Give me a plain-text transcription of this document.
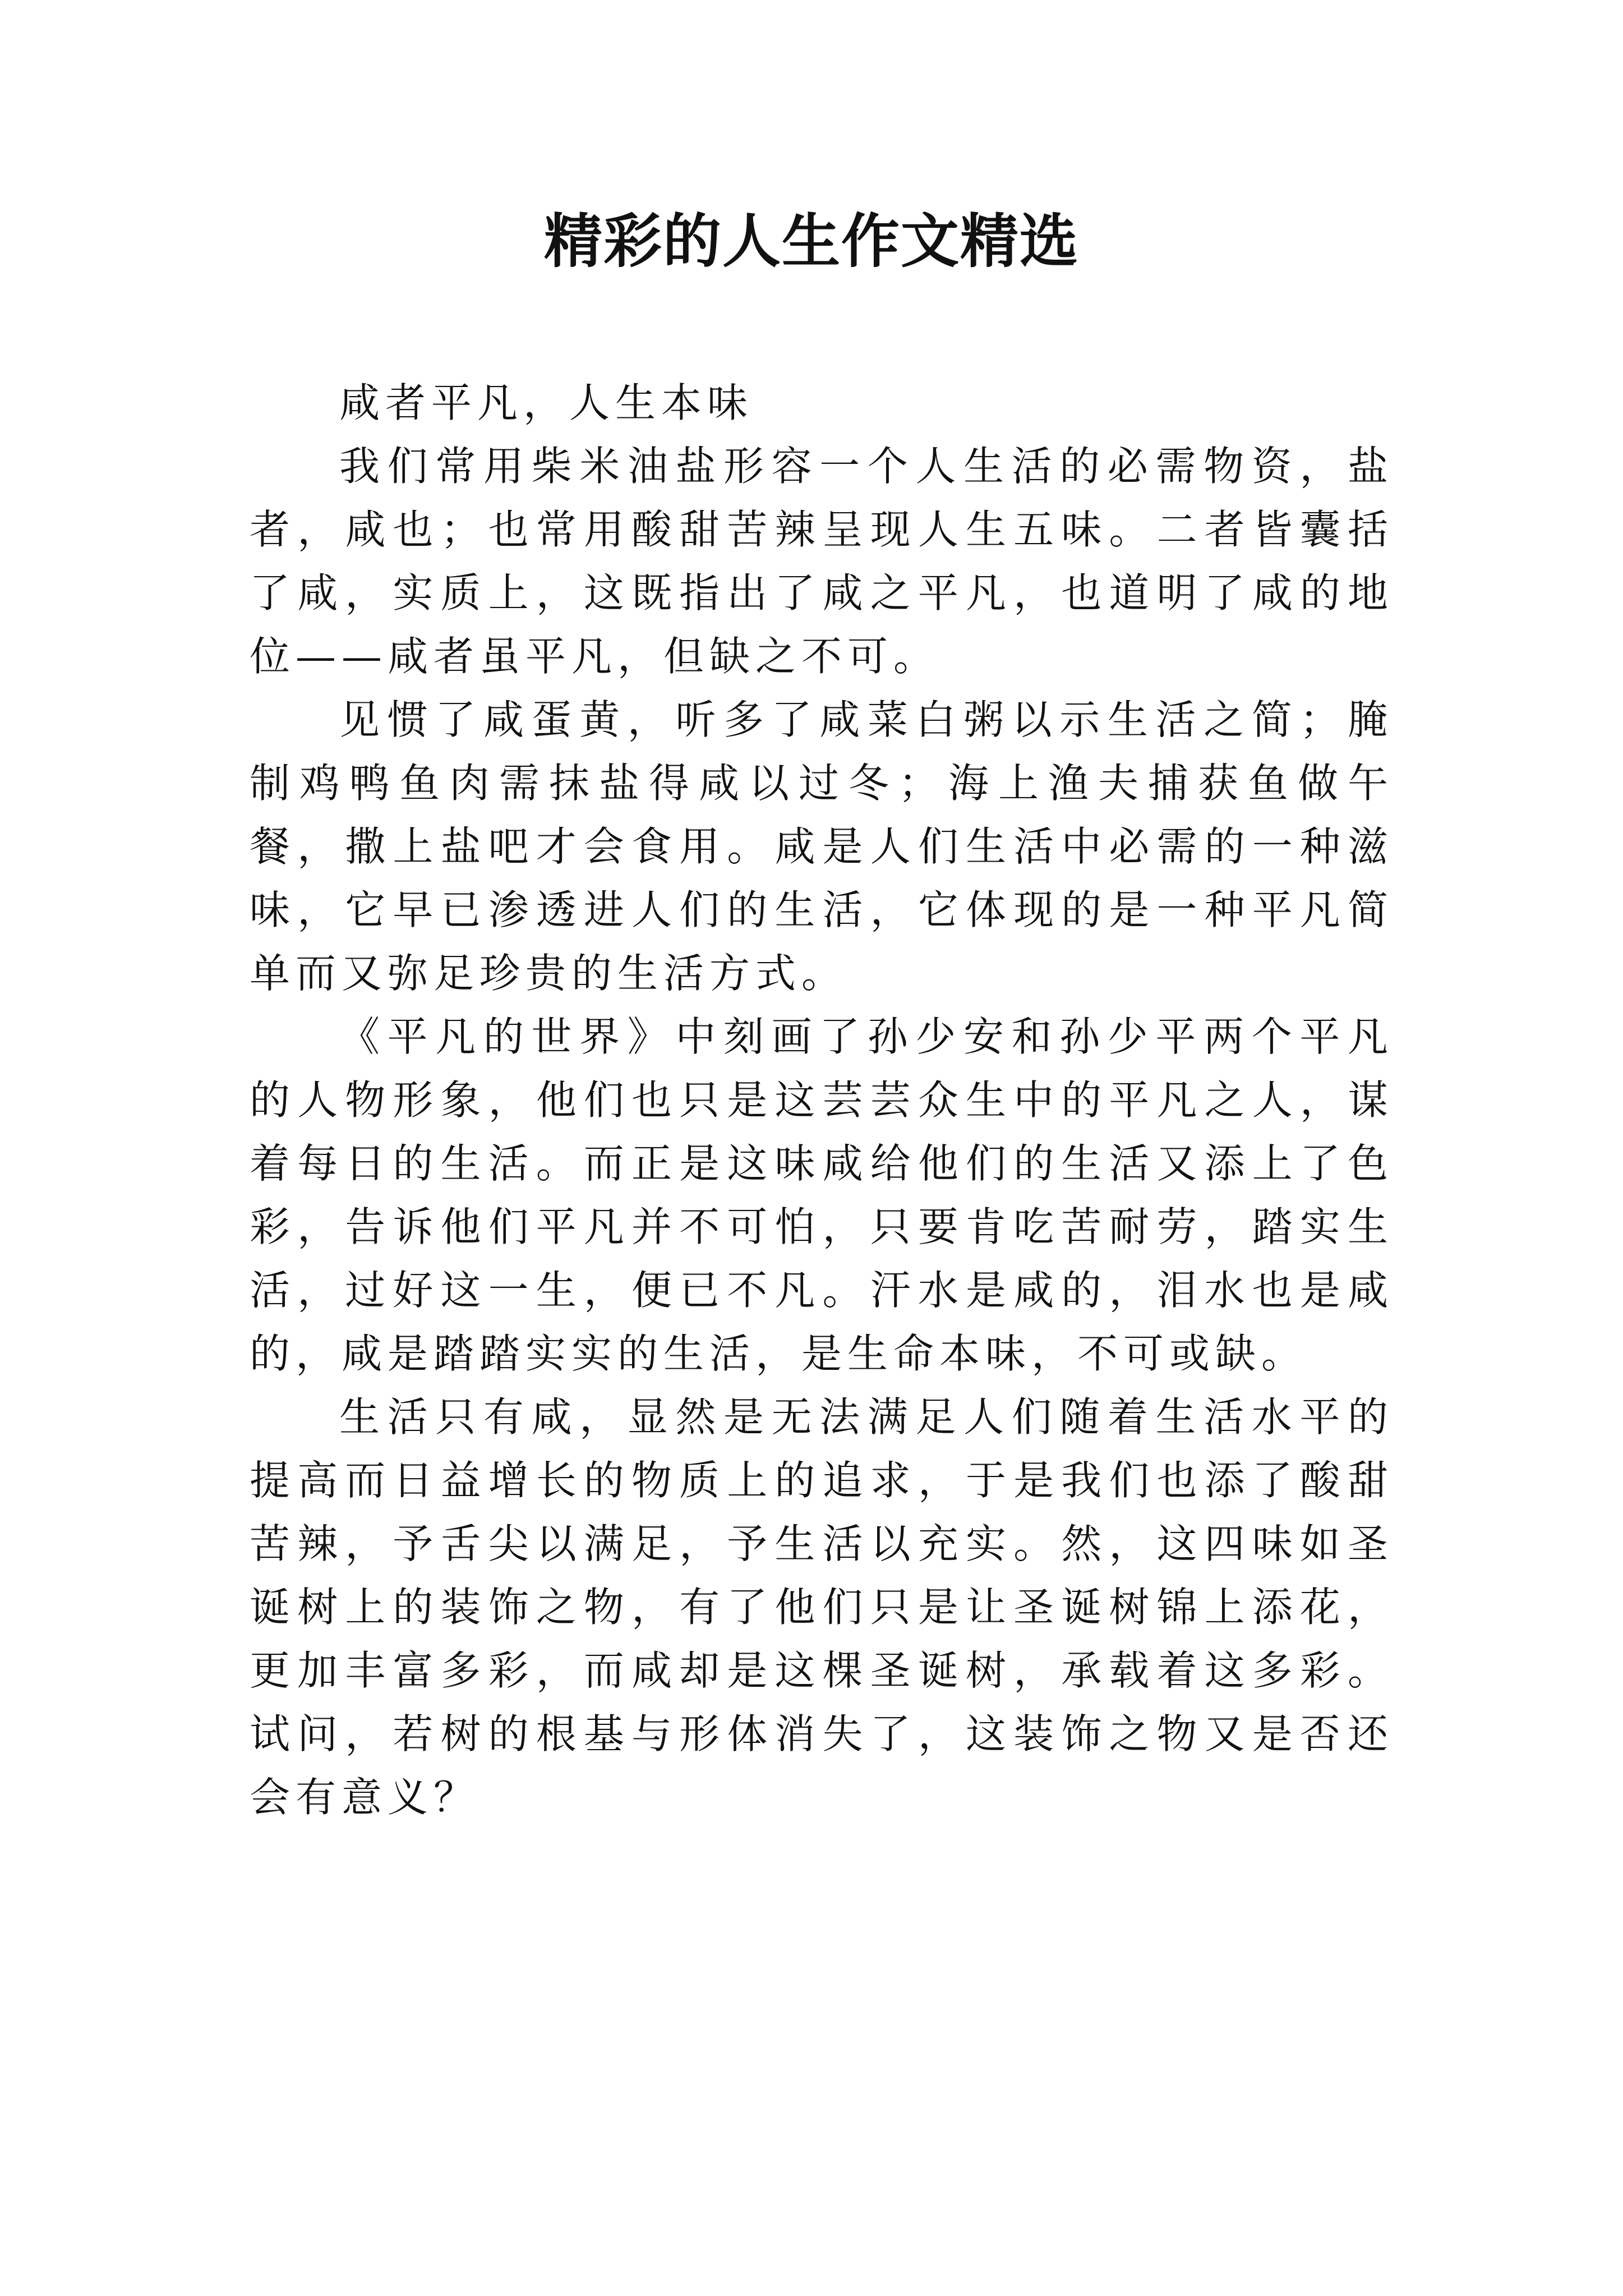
精彩的人生作文精选

咸者平凡，人生本味

我们常用柴米油盐形容一个人生活的必需物资，盐者，咸也；也常用酸甜苦辣呈现人生五味。二者皆囊括了咸，实质上，这既指出了咸之平凡，也道明了咸的地位——咸者虽平凡，但缺之不可。

见惯了咸蛋黄，听多了咸菜白粥以示生活之简；腌制鸡鸭鱼肉需抹盐得咸以过冬；海上渔夫捕获鱼做午餐，撒上盐吧才会食用。咸是人们生活中必需的一种滋味，它早已渗透进人们的生活，它体现的是一种平凡简单而又弥足珍贵的生活方式。

《平凡的世界》中刻画了孙少安和孙少平两个平凡的人物形象，他们也只是这芸芸众生中的平凡之人，谋着每日的生活。而正是这味咸给他们的生活又添上了色彩，告诉他们平凡并不可怕，只要肯吃苦耐劳，踏实生活，过好这一生，便已不凡。汗水是咸的，泪水也是咸的，咸是踏踏实实的生活，是生命本味，不可或缺。

生活只有咸，显然是无法满足人们随着生活水平的提高而日益增长的物质上的追求，于是我们也添了酸甜苦辣，予舌尖以满足，予生活以充实。然，这四味如圣诞树上的装饰之物，有了他们只是让圣诞树锦上添花，更加丰富多彩，而咸却是这棵圣诞树，承载着这多彩。试问，若树的根基与形体消失了，这装饰之物又是否还会有意义？
